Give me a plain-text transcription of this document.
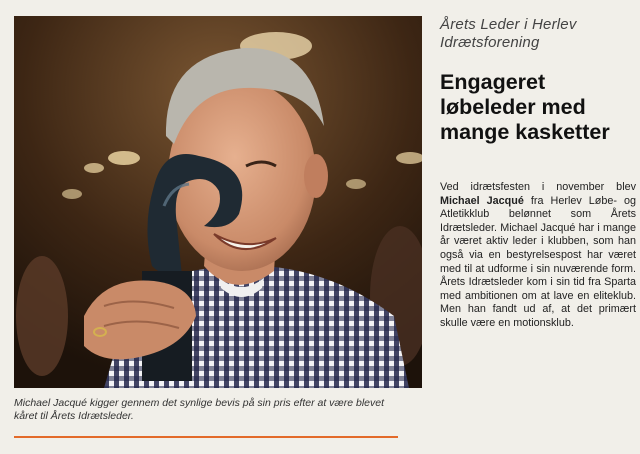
Michael Jacqué kigger gennem det synlige bevis på sin pris efter at være blevet kåret til Årets Idrætsleder.
Årets Leder i Herlev Idrætsforening
Engageret løbeleder med mange kasketter
Ved idrætsfesten i november blev Michael Jacqué fra Herlev Løbe- og Atletikklub belønnet som Årets Idrætsleder. Michael Jacqué har i mange år været aktiv leder i klubben, som han også via en bestyrelsespost har været med til at udforme i sin nuværende form. Årets Idrætsleder kom i sin tid fra Sparta med ambitionen om at lave en eliteklub. Men han fandt ud af, at det primært skulle være en motionsklub.
